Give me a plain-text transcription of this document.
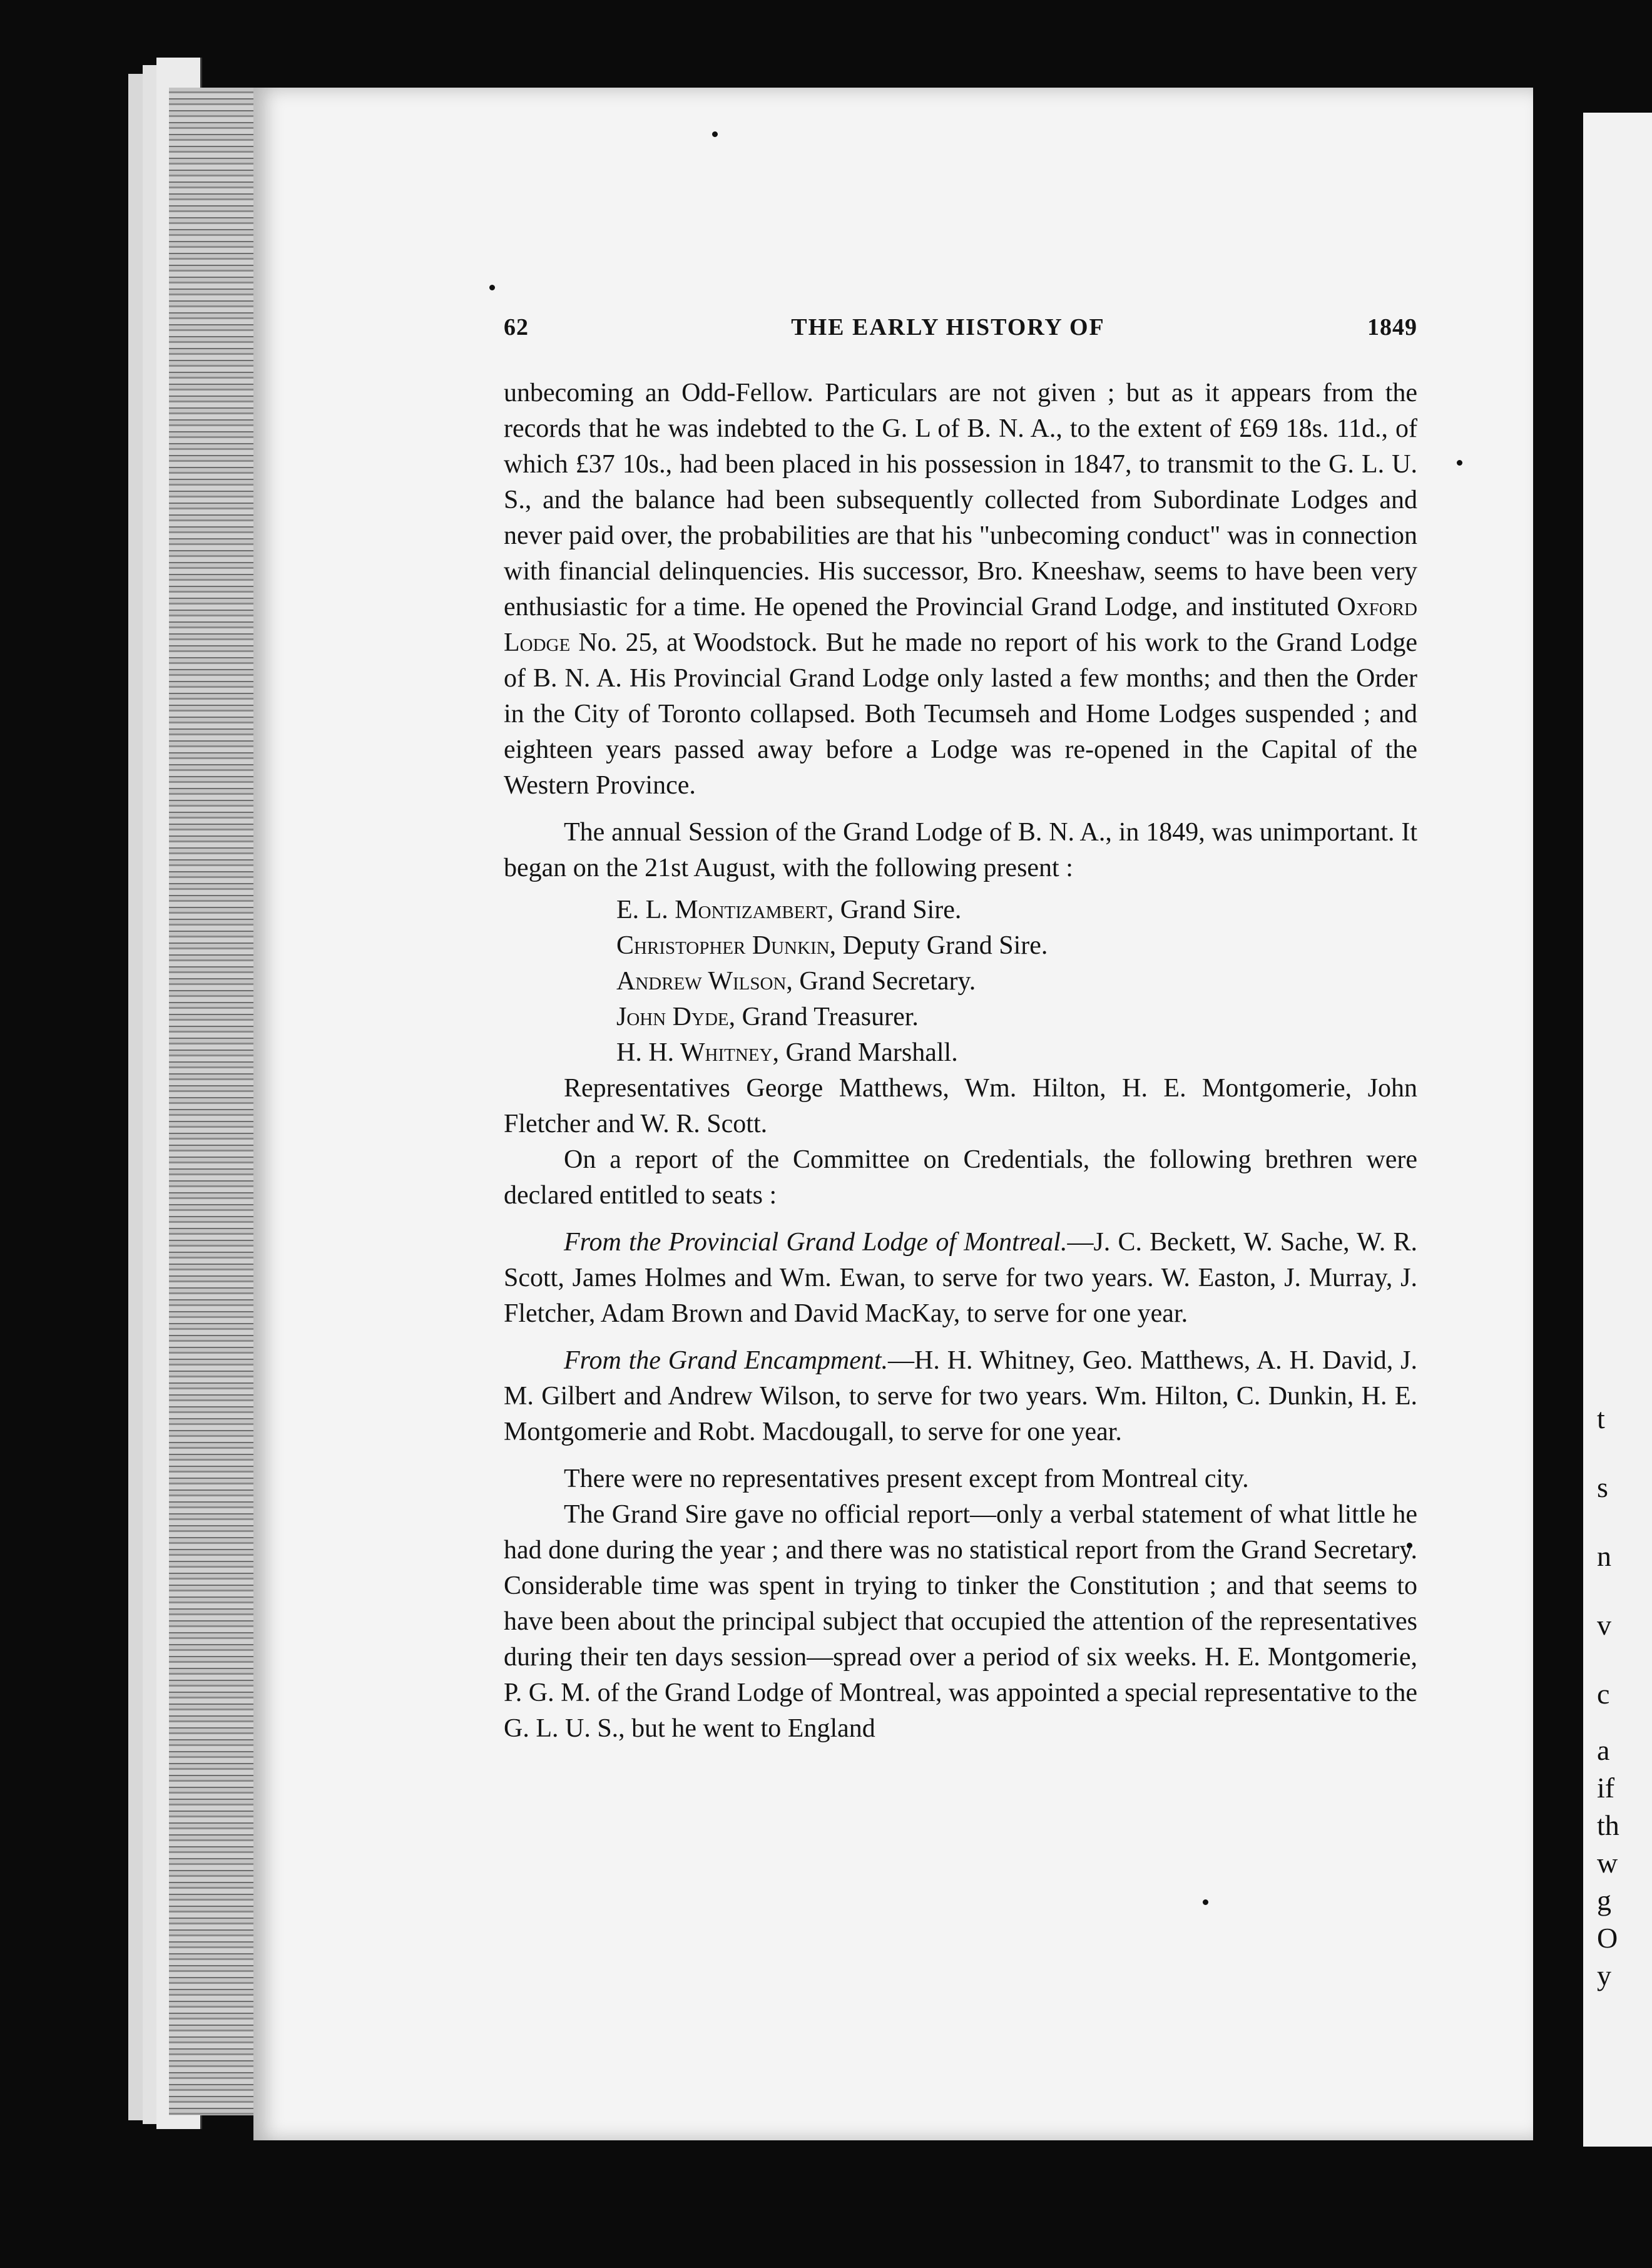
t
s
n
v
c
a
if
th
w
g
O
y
62	THE EARLY HISTORY OF	1849

unbecoming an Odd-Fellow. Particulars are not given ; but as it appears from the records that he was indebted to the G. L of B. N. A., to the extent of £69 18s. 11d., of which £37 10s., had been placed in his possession in 1847, to transmit to the G. L. U. S., and the balance had been subsequently collected from Subordinate Lodges and never paid over, the probabilities are that his "unbecoming conduct" was in connection with financial delinquencies. His successor, Bro. Kneeshaw, seems to have been very enthusiastic for a time. He opened the Provincial Grand Lodge, and instituted Oxford Lodge No. 25, at Woodstock. But he made no report of his work to the Grand Lodge of B. N. A. His Provincial Grand Lodge only lasted a few months; and then the Order in the City of Toronto collapsed. Both Tecumseh and Home Lodges suspended ; and eighteen years passed away before a Lodge was re-opened in the Capital of the Western Province.

The annual Session of the Grand Lodge of B. N. A., in 1849, was unimportant. It began on the 21st August, with the following present :

E. L. Montizambert, Grand Sire.
Christopher Dunkin, Deputy Grand Sire.
Andrew Wilson, Grand Secretary.
John Dyde, Grand Treasurer.
H. H. Whitney, Grand Marshall.

Representatives George Matthews, Wm. Hilton, H. E. Montgomerie, John Fletcher and W. R. Scott.

On a report of the Committee on Credentials, the following brethren were declared entitled to seats :

From the Provincial Grand Lodge of Montreal.—J. C. Beckett, W. Sache, W. R. Scott, James Holmes and Wm. Ewan, to serve for two years. W. Easton, J. Murray, J. Fletcher, Adam Brown and David MacKay, to serve for one year.

From the Grand Encampment.—H. H. Whitney, Geo. Matthews, A. H. David, J. M. Gilbert and Andrew Wilson, to serve for two years. Wm. Hilton, C. Dunkin, H. E. Montgomerie and Robt. Macdougall, to serve for one year.

There were no representatives present except from Montreal city.

The Grand Sire gave no official report—only a verbal statement of what little he had done during the year ; and there was no statistical report from the Grand Secretary. Considerable time was spent in trying to tinker the Constitution ; and that seems to have been about the principal subject that occupied the attention of the representatives during their ten days session—spread over a period of six weeks. H. E. Montgomerie, P. G. M. of the Grand Lodge of Montreal, was appointed a special representative to the G. L. U. S., but he went to England
